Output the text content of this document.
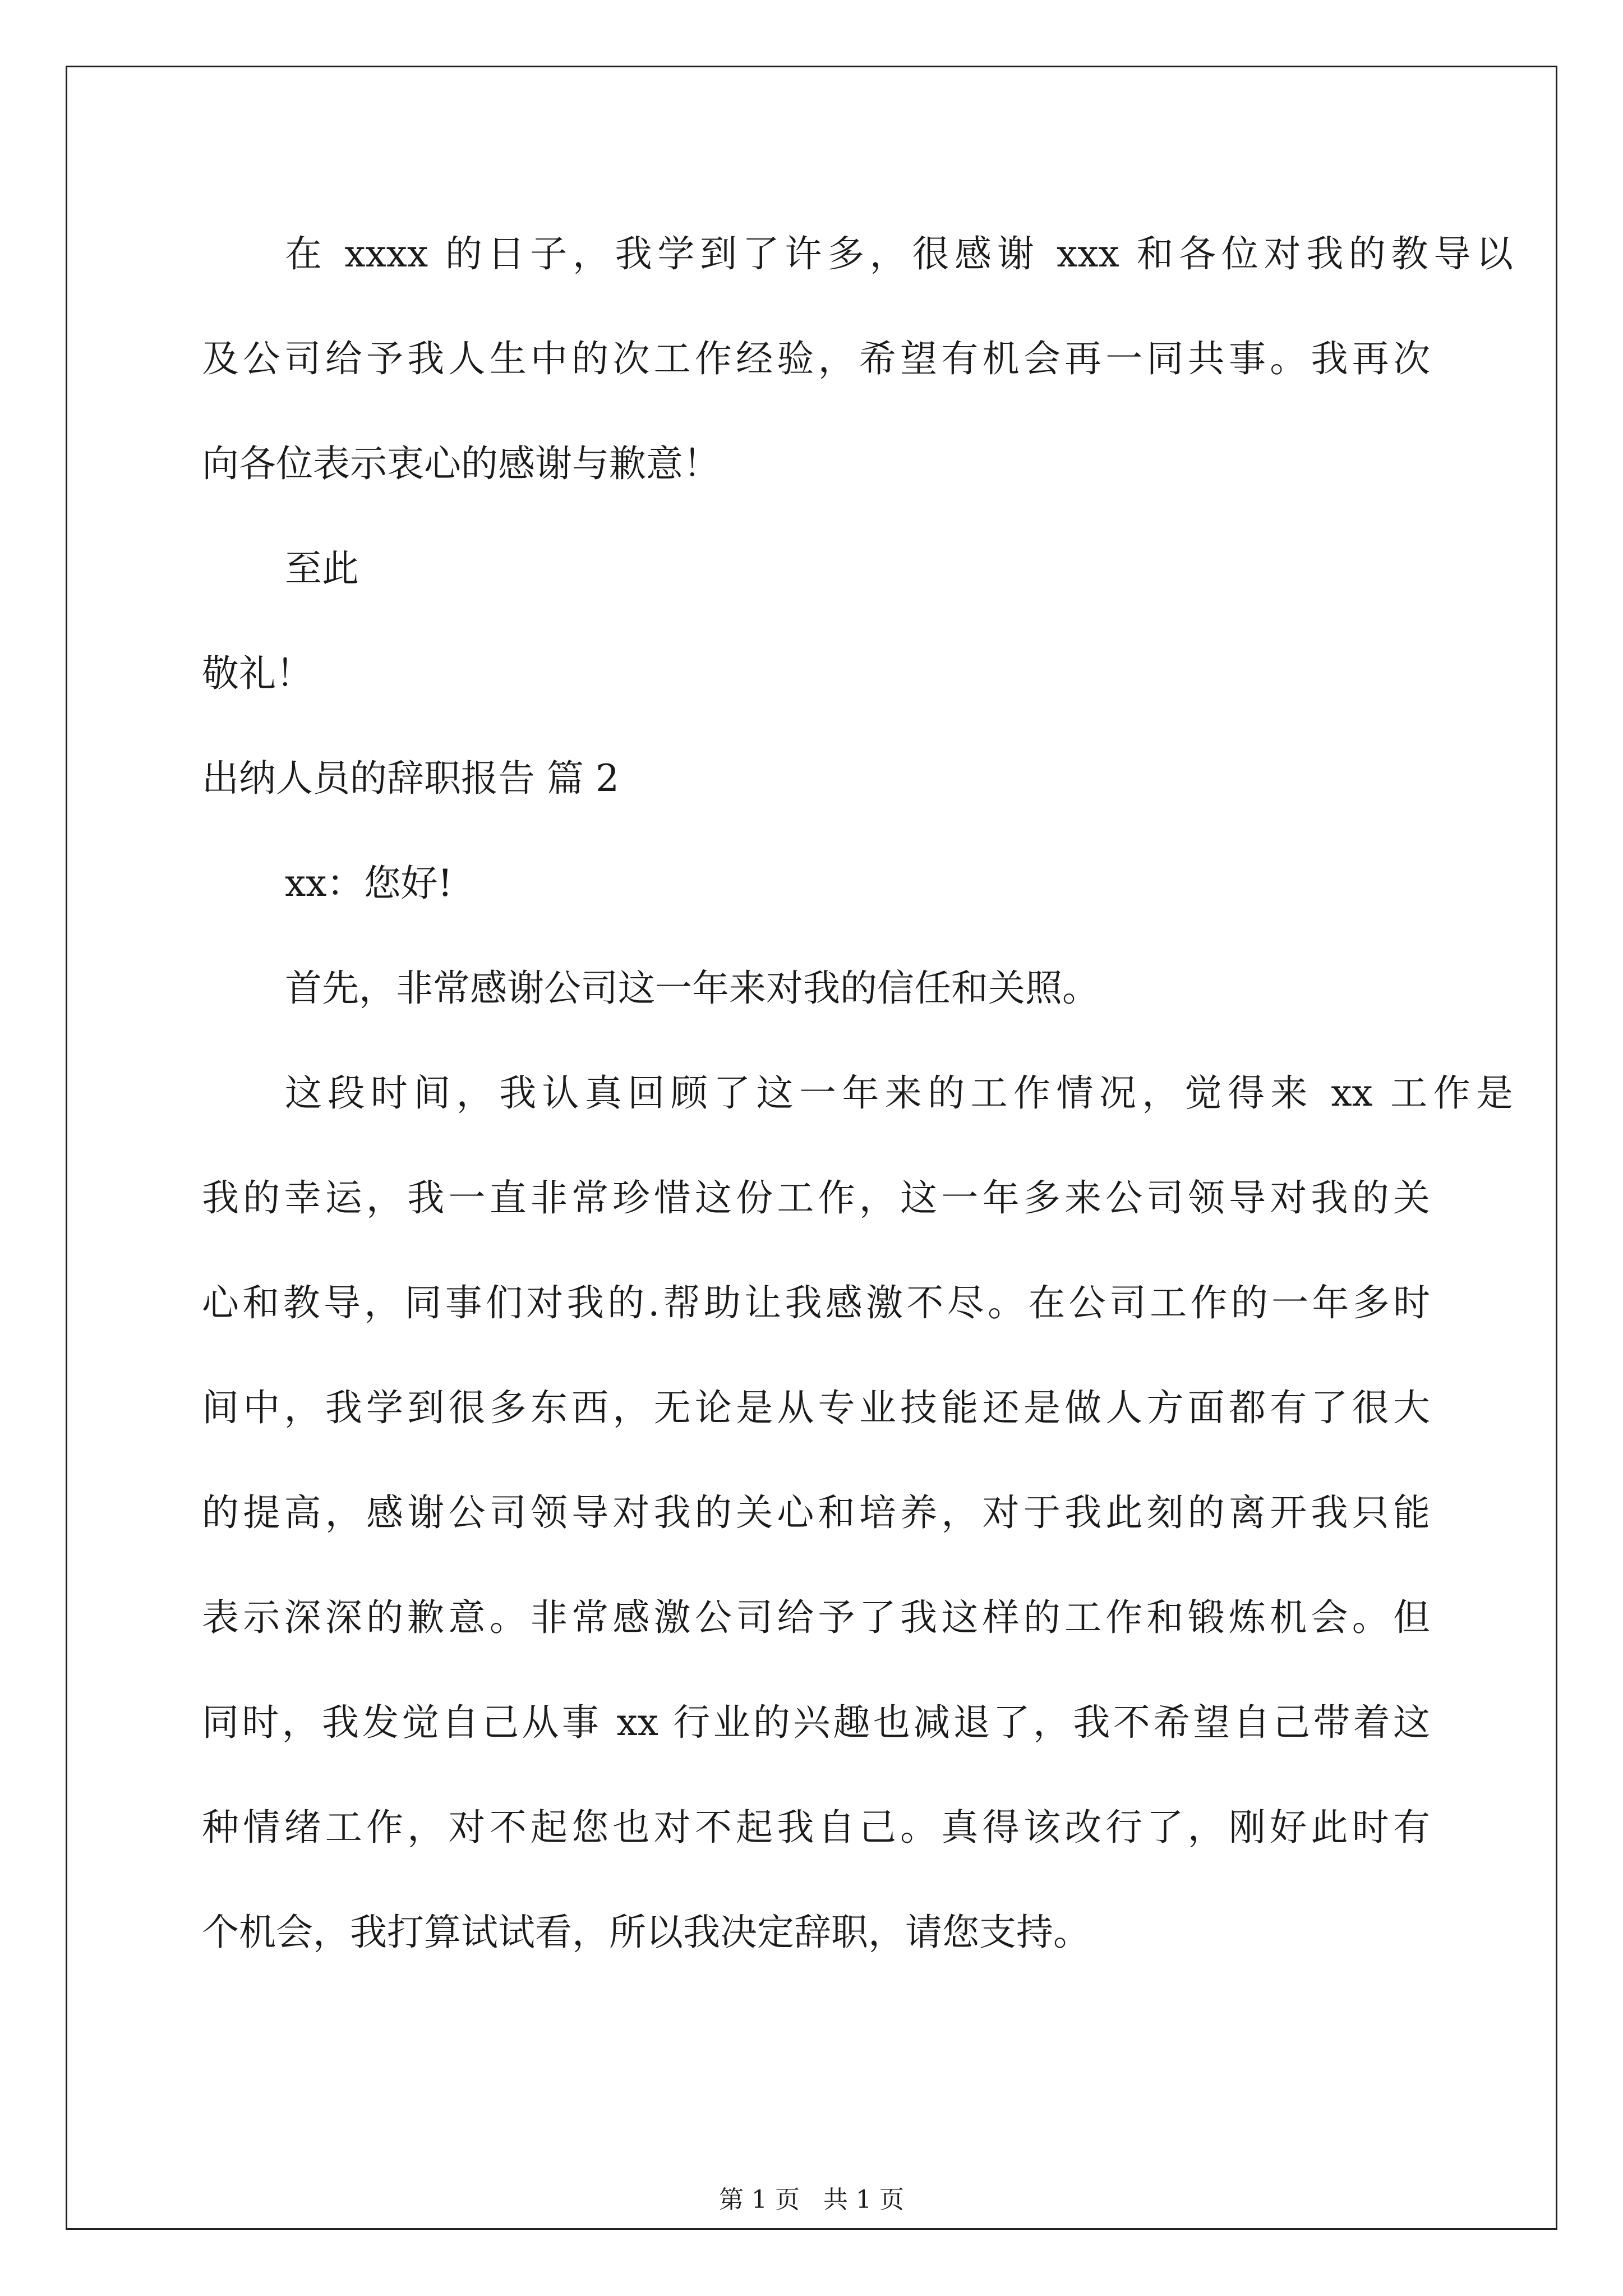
在 xxxx 的日子，我学到了许多，很感谢 xxx 和各位对我的教导以
及公司给予我人生中的次工作经验，希望有机会再一同共事。我再次
向各位表示衷心的感谢与歉意！
至此
敬礼！
出纳人员的辞职报告 篇 2
xx：您好!
首先，非常感谢公司这一年来对我的信任和关照。
这段时间，我认真回顾了这一年来的工作情况，觉得来 xx 工作是
我的幸运，我一直非常珍惜这份工作，这一年多来公司领导对我的关
心和教导，同事们对我的.帮助让我感激不尽。在公司工作的一年多时
间中，我学到很多东西，无论是从专业技能还是做人方面都有了很大
的提高，感谢公司领导对我的关心和培养，对于我此刻的离开我只能
表示深深的歉意。非常感激公司给予了我这样的工作和锻炼机会。但
同时，我发觉自己从事 xx 行业的兴趣也减退了，我不希望自己带着这
种情绪工作，对不起您也对不起我自己。真得该改行了，刚好此时有
个机会，我打算试试看，所以我决定辞职，请您支持。
第 1 页   共 1 页
